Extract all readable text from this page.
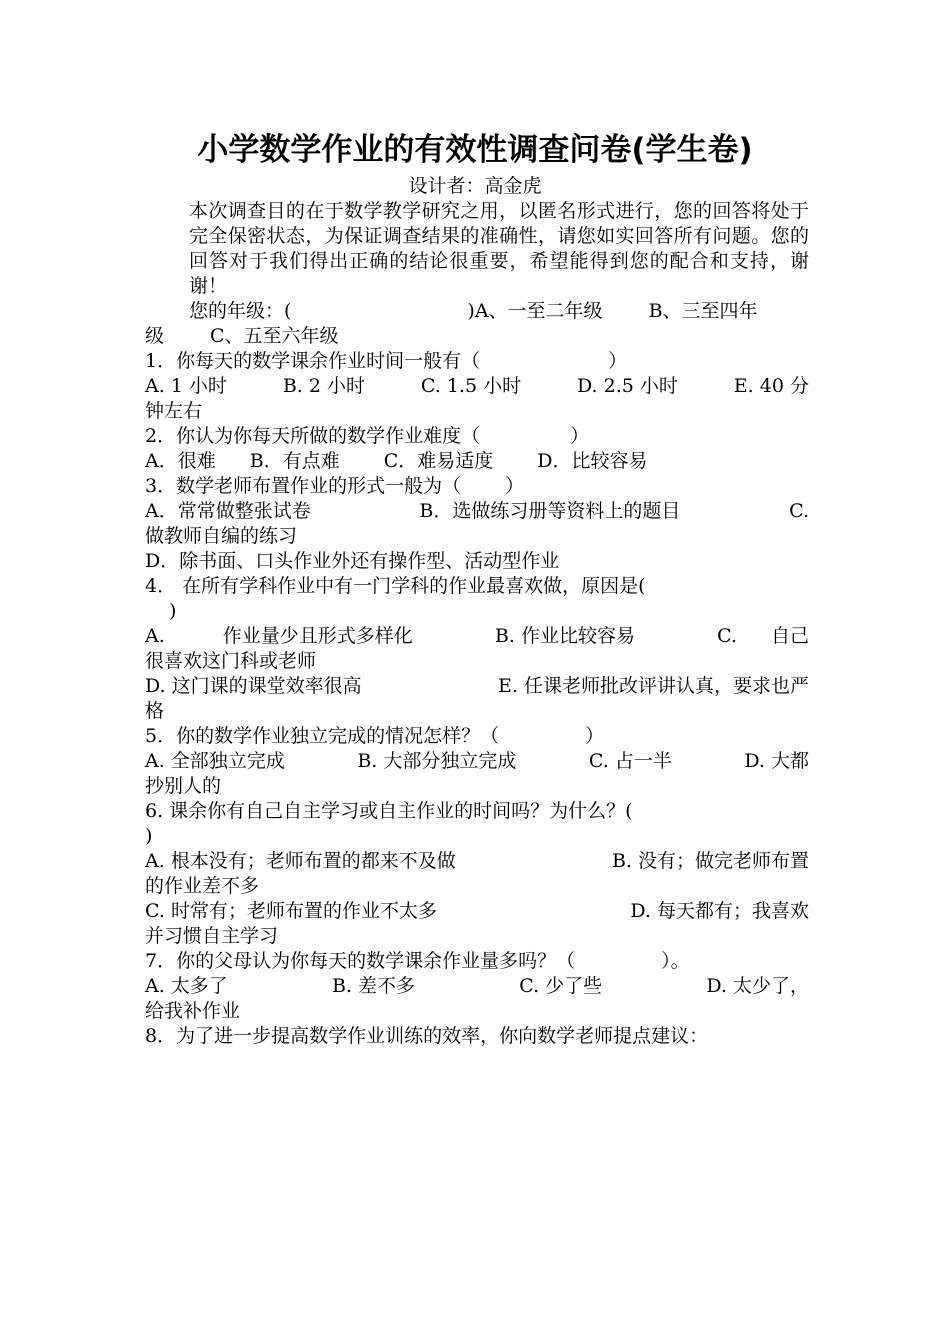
小学数学作业的有效性调查问卷(学生卷)
设计者：高金虎
本次调查目的在于数学教学研究之用，以匿名形式进行，您的回答将处于完全保密状态，为保证调查结果的准确性，请您如实回答所有问题。您的回答对于我们得出正确的结论很重要，希望能得到您的配合和支持，谢谢！
您的年级：(	)A、一至二年级 B、三至四年
级 C、五至六年级
1．你每天的数学课余作业时间一般有（	）
A. 1 小时	B. 2 小时	C. 1.5 小时	D. 2.5 小时	E. 40 分
钟左右
2．你认为你每天所做的数学作业难度（	）
A．很难 B．有点难 C．难易适度 D．比较容易
3．数学老师布置作业的形式一般为（ ）
A．常常做整张试卷	B．选做练习册等资料上的题目	C.
做教师自编的练习
D．除书面、口头作业外还有操作型、活动型作业
4． 在所有学科作业中有一门学科的作业最喜欢做，原因是(
)
A.	作业量少且形式多样化	B. 作业比较容易	C. 自己
很喜欢这门科或老师
D. 这门课的课堂效率很高	E. 任课老师批改评讲认真，要求也严
格
5．你的数学作业独立完成的情况怎样？（	）
A. 全部独立完成	B. 大部分独立完成	C. 占一半	D. 大都
抄别人的
6. 课余你有自己自主学习或自主作业的时间吗？为什么？(
)
A. 根本没有；老师布置的都来不及做	B. 没有；做完老师布置
的作业差不多
C. 时常有；老师布置的作业不太多	D. 每天都有；我喜欢
并习惯自主学习
7．你的父母认为你每天的数学课余作业量多吗？（	）。
A. 太多了	B. 差不多	C. 少了些	D. 太少了，
给我补作业
8．为了进一步提高数学作业训练的效率，你向数学老师提点建议：
